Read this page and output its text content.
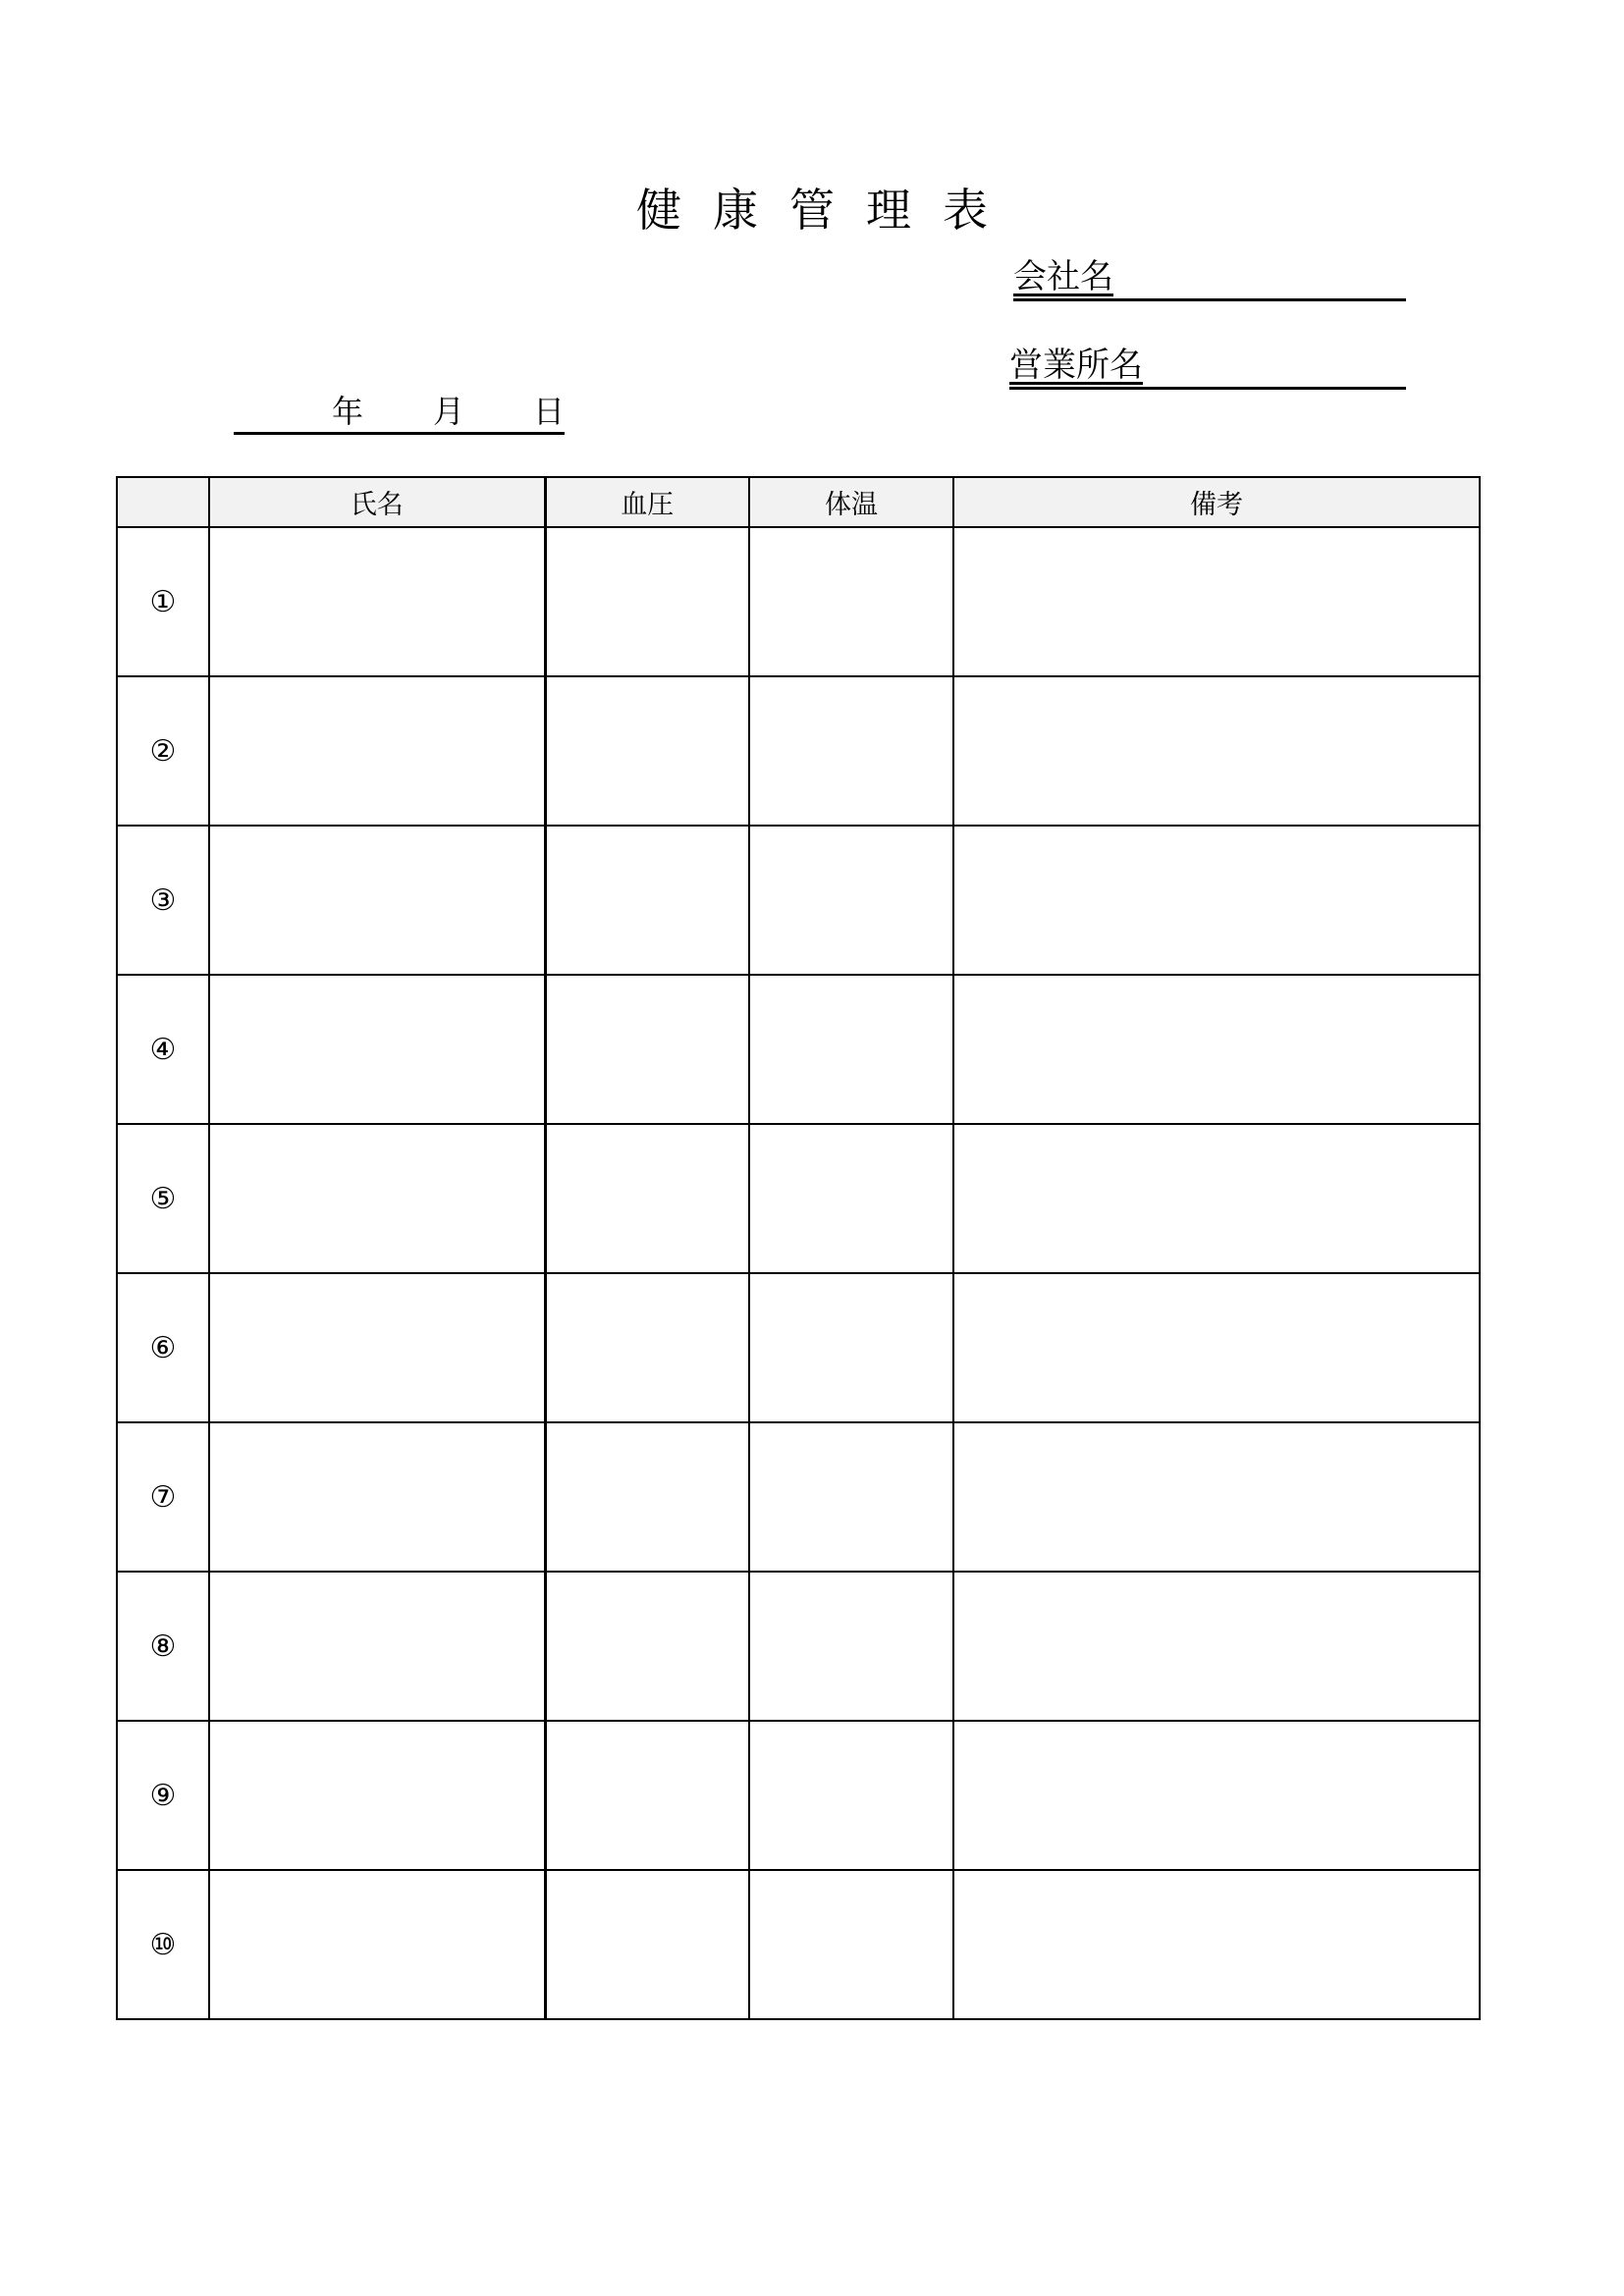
健 康 管 理 表
会社名
営業所名
年 月 日
	氏名	血圧	体温	備考
①				
②				
③				
④				
⑤				
⑥				
⑦				
⑧				
⑨				
⑩				
